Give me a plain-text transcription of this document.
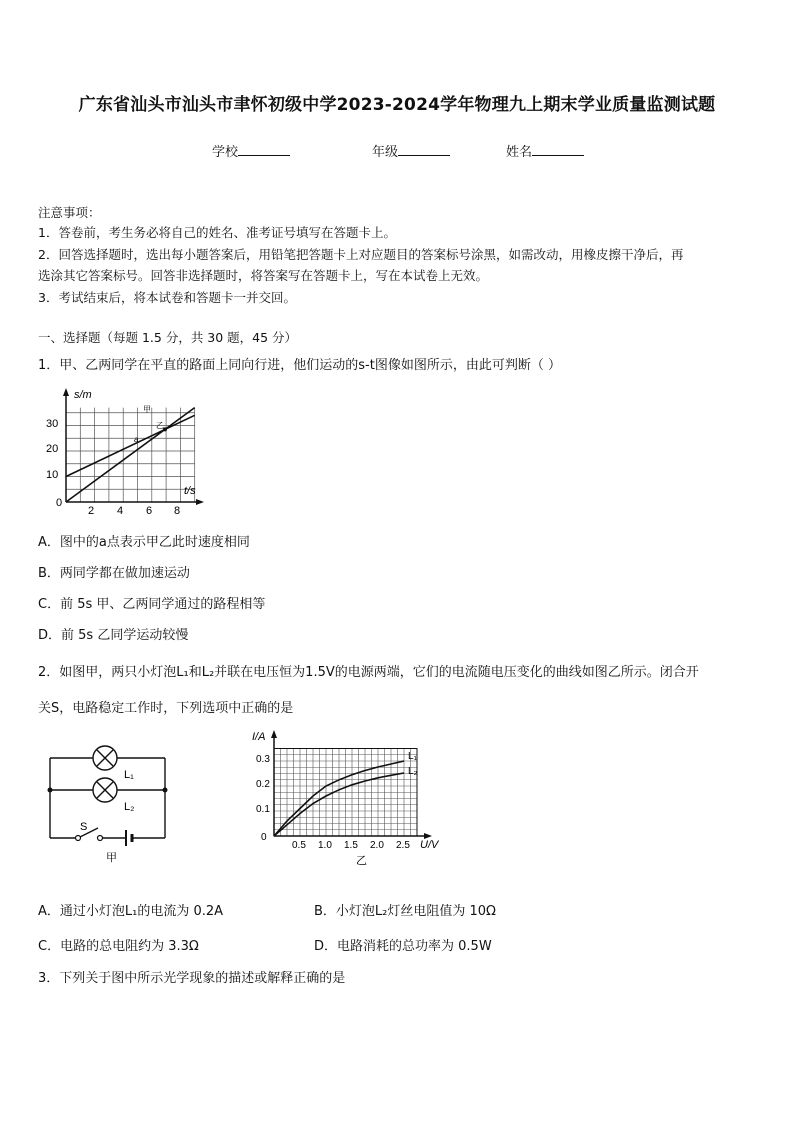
广东省汕头市汕头市聿怀初级中学2023-2024学年物理九上期末学业质量监测试题
学校	年级	姓名
注意事项：
1．答卷前，考生务必将自己的姓名、准考证号填写在答题卡上。
2．回答选择题时，选出每小题答案后，用铅笔把答题卡上对应题目的答案标号涂黑，如需改动，用橡皮擦干净后，再
选涂其它答案标号。回答非选择题时，将答案写在答题卡上，写在本试卷上无效。
3．考试结束后，将本试卷和答题卡一并交回。
一、选择题（每题 1.5 分，共 30 题，45 分）
1．甲、乙两同学在平直的路面上同向行进，他们运动的s-t图像如图所示，由此可判断（ ）
s/m
t/s
30
20
10
0
2 4 6 8
甲
乙
a
A．图中的a点表示甲乙此时速度相同
B．两同学都在做加速运动
C．前 5s 甲、乙两同学通过的路程相等
D．前 5s 乙同学运动较慢
2．如图甲，两只小灯泡L₁和L₂并联在电压恒为1.5V的电源两端，它们的电流随电压变化的曲线如图乙所示。闭合开
关S，电路稳定工作时，下列选项中正确的是
L₁
L₂
S
甲
I/A
U/V
0.3
0.2
0.1
0
0.5 1.0 1.5 2.0 2.5
L₁
L₂
乙
A．通过小灯泡L₁的电流为 0.2A	B．小灯泡L₂灯丝电阻值为 10Ω
C．电路的总电阻约为 3.3Ω	D．电路消耗的总功率为 0.5W
3．下列关于图中所示光学现象的描述或解释正确的是
